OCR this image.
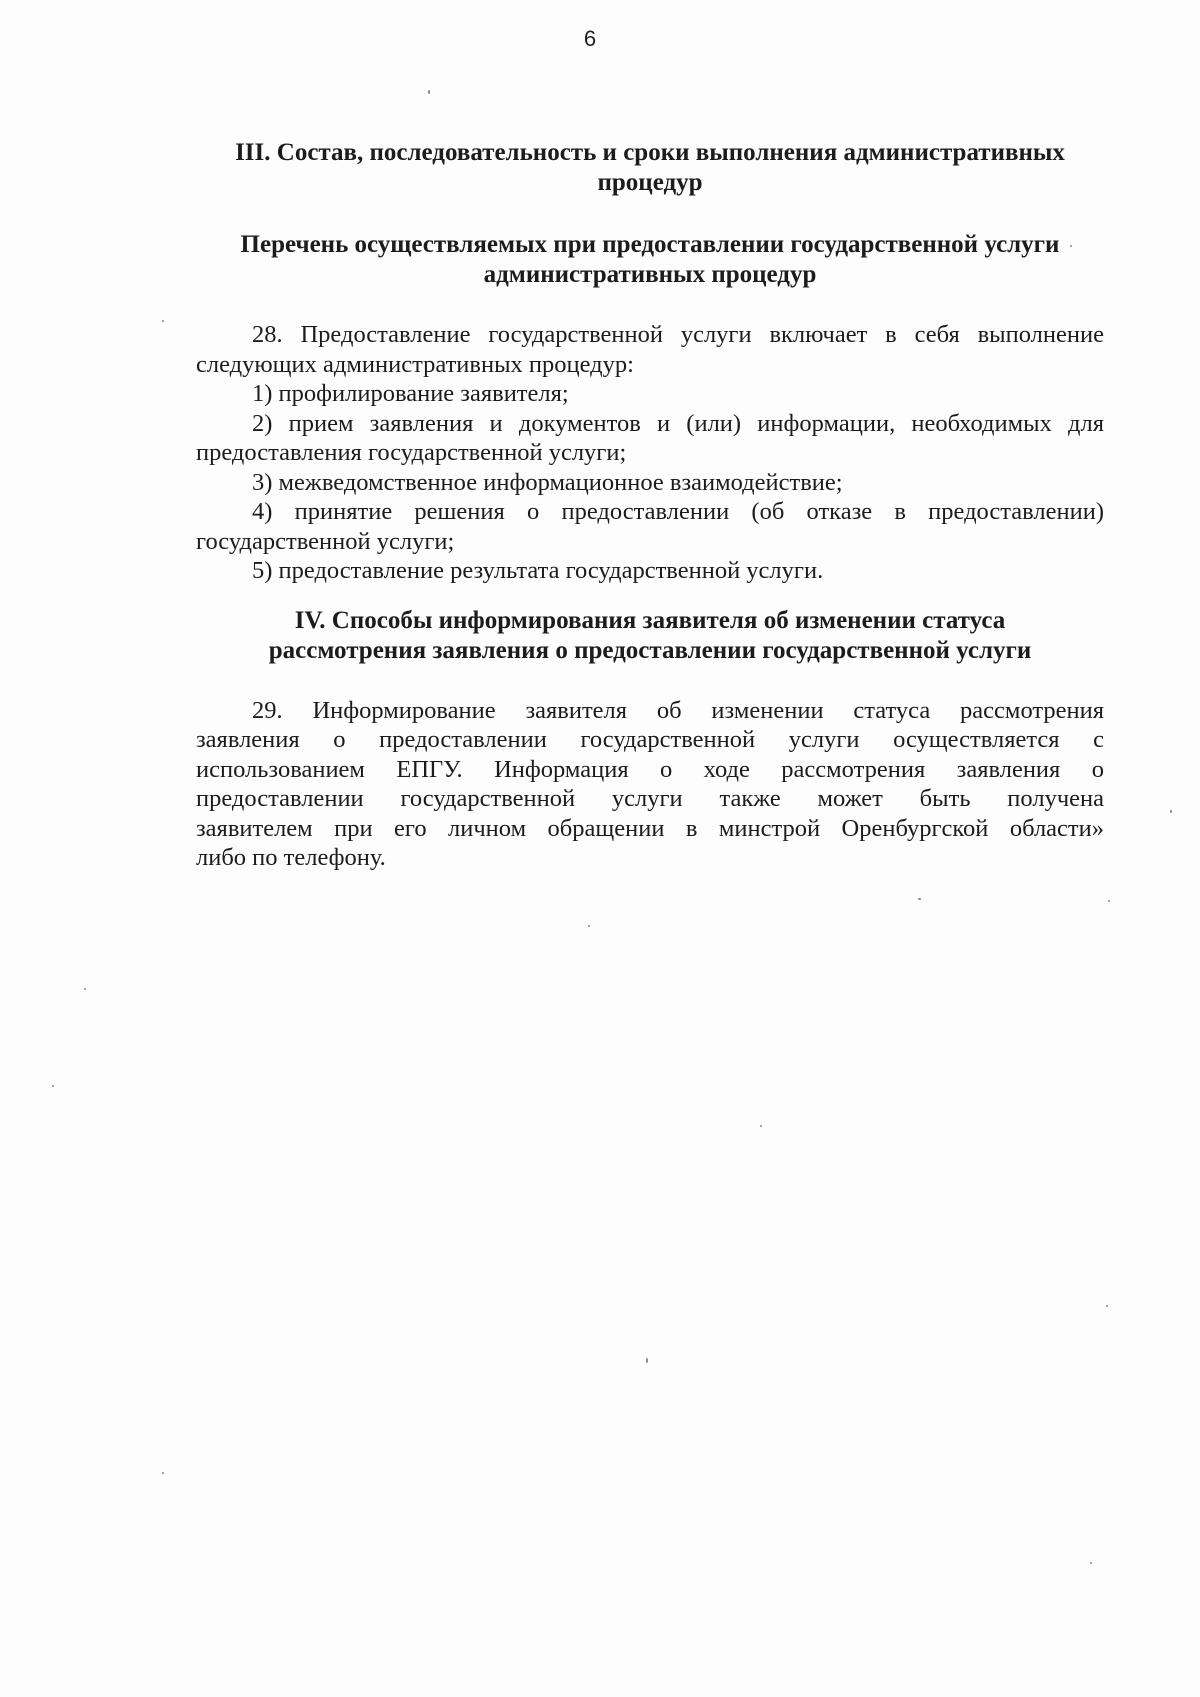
6
III. Состав, последовательность и сроки выполнения административных
процедур
Перечень осуществляемых при предоставлении государственной услуги
административных процедур
28. Предоставление государственной услуги включает в себя выполнение
следующих административных процедур:
1) профилирование заявителя;
2) прием заявления и документов и (или) информации, необходимых для
предоставления государственной услуги;
3) межведомственное информационное взаимодействие;
4) принятие решения о предоставлении (об отказе в предоставлении)
государственной услуги;
5) предоставление результата государственной услуги.
IV. Способы информирования заявителя об изменении статуса
рассмотрения заявления о предоставлении государственной услуги
29. Информирование заявителя об изменении статуса рассмотрения
заявления о предоставлении государственной услуги осуществляется с
использованием ЕПГУ. Информация о ходе рассмотрения заявления о
предоставлении государственной услуги также может быть получена
заявителем при его личном обращении в минстрой Оренбургской области»
либо по телефону.
